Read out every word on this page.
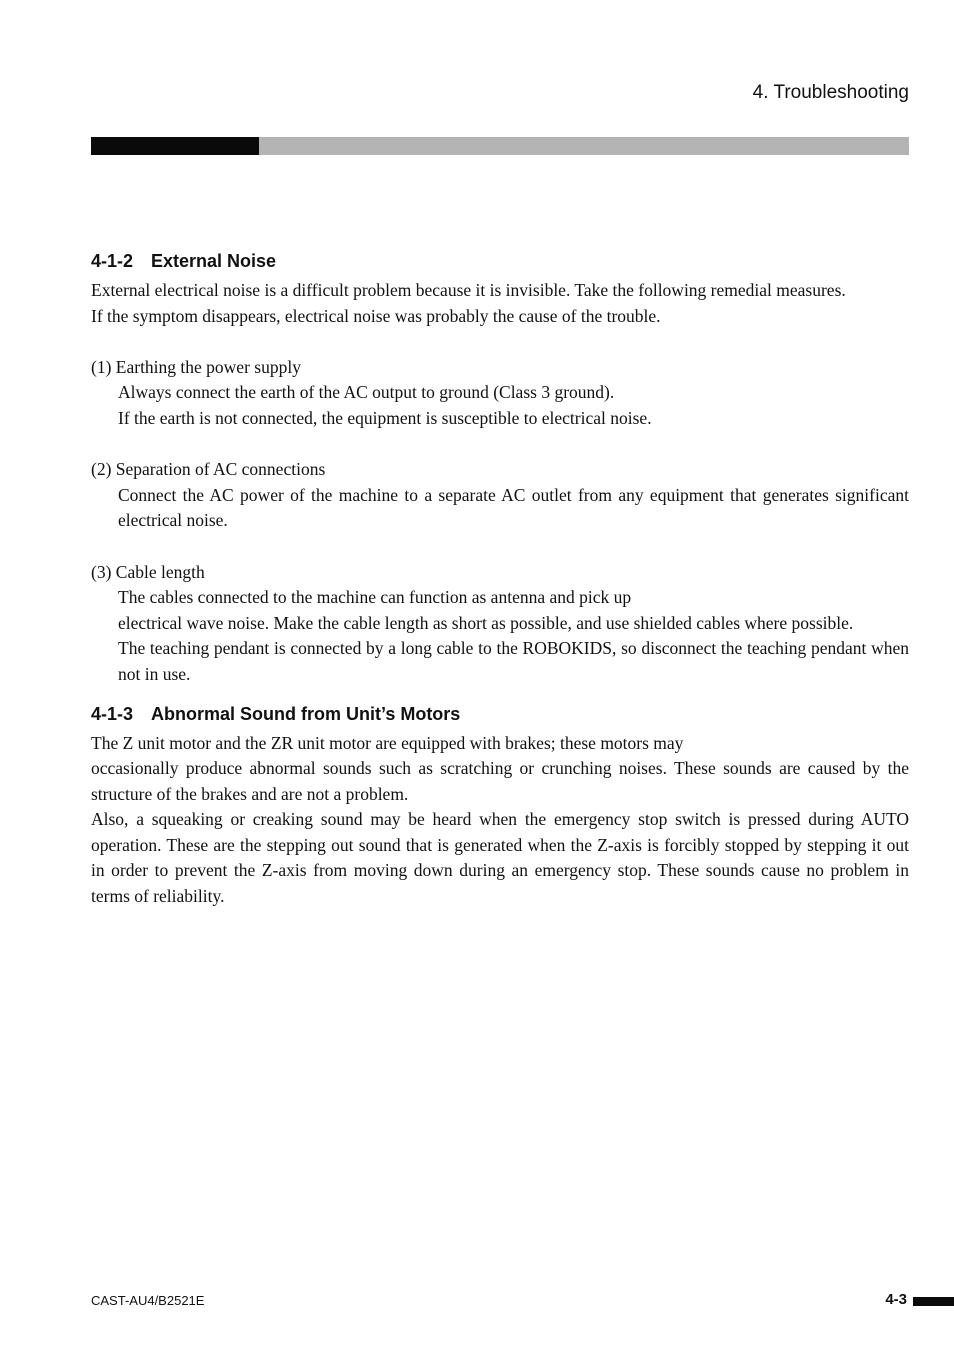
4. Troubleshooting
4-1-2 External Noise

External electrical noise is a difficult problem because it is invisible. Take the following remedial measures.

If the symptom disappears, electrical noise was probably the cause of the trouble.

(1) Earthing the power supply

Always connect the earth of the AC output to ground (Class 3 ground).

If the earth is not connected, the equipment is susceptible to electrical noise.

(2) Separation of AC connections

Connect the AC power of the machine to a separate AC outlet from any equipment that generates significant electrical noise.

(3) Cable length

The cables connected to the machine can function as antenna and pick up

electrical wave noise. Make the cable length as short as possible, and use shielded cables where possible.

The teaching pendant is connected by a long cable to the ROBOKIDS, so disconnect the teaching pendant when not in use.

4-1-3 Abnormal Sound from Unit’s Motors

The Z unit motor and the ZR unit motor are equipped with brakes; these motors may

occasionally produce abnormal sounds such as scratching or crunching noises. These sounds are caused by the structure of the brakes and are not a problem.

Also, a squeaking or creaking sound may be heard when the emergency stop switch is pressed during AUTO operation. These are the stepping out sound that is generated when the Z-axis is forcibly stopped by stepping it out in order to prevent the Z-axis from moving down during an emergency stop. These sounds cause no problem in terms of reliability.

CAST-AU4/B2521E	4-3
